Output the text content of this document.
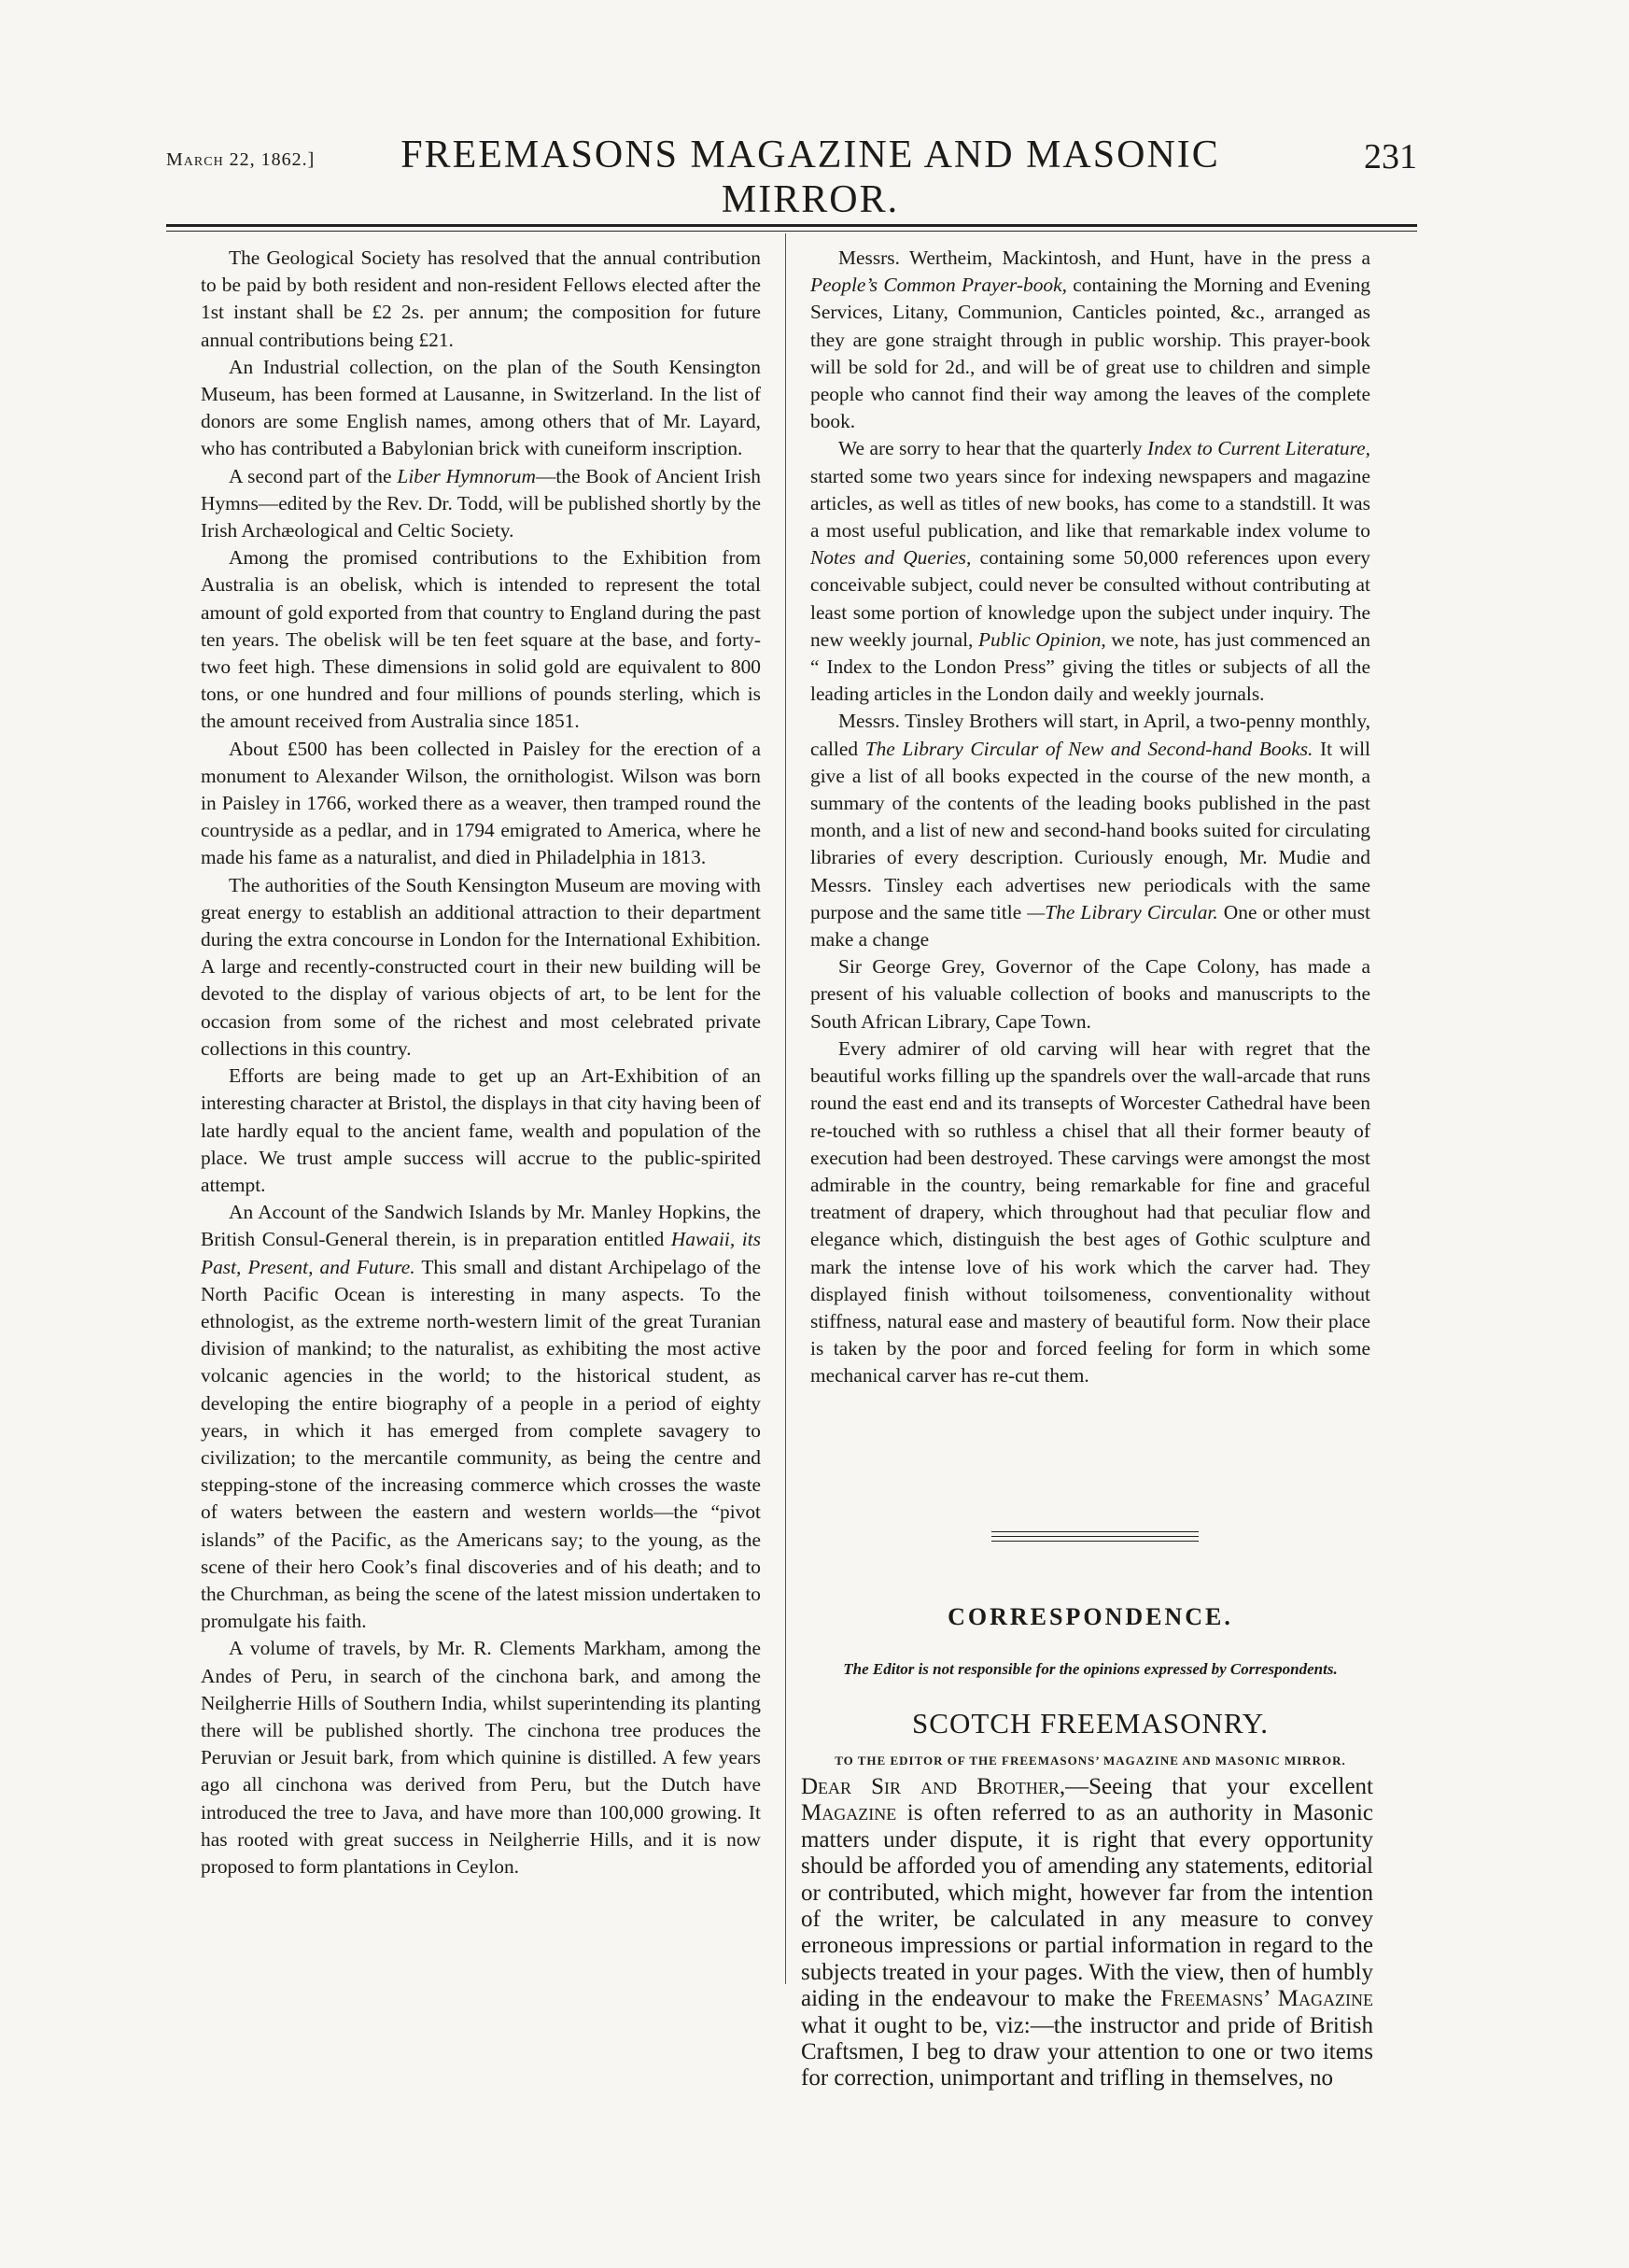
March 22, 1862.]	FREEMASONS MAGAZINE AND MASONIC MIRROR.
231

The Geological Society has resolved that the annual contribution to be paid by both resident and non-resident Fellows elected after the 1st instant shall be £2 2s. per annum; the composition for future annual contributions being £21.

An Industrial collection, on the plan of the South Kensington Museum, has been formed at Lausanne, in Switzerland. In the list of donors are some English names, among others that of Mr. Layard, who has contributed a Babylonian brick with cuneiform inscription.

A second part of the Liber Hymnorum—the Book of Ancient Irish Hymns—edited by the Rev. Dr. Todd, will be published shortly by the Irish Archæological and Celtic Society.

Among the promised contributions to the Exhibition from Australia is an obelisk, which is intended to represent the total amount of gold exported from that country to England during the past ten years. The obelisk will be ten feet square at the base, and forty-two feet high. These dimensions in solid gold are equivalent to 800 tons, or one hundred and four millions of pounds sterling, which is the amount received from Australia since 1851.

About £500 has been collected in Paisley for the erection of a monument to Alexander Wilson, the ornithologist. Wilson was born in Paisley in 1766, worked there as a weaver, then tramped round the countryside as a pedlar, and in 1794 emigrated to America, where he made his fame as a naturalist, and died in Philadelphia in 1813.

The authorities of the South Kensington Museum are moving with great energy to establish an additional attraction to their department during the extra concourse in London for the International Exhibition. A large and recently-constructed court in their new building will be devoted to the display of various objects of art, to be lent for the occasion from some of the richest and most celebrated private collections in this country.

Efforts are being made to get up an Art-Exhibition of an interesting character at Bristol, the displays in that city having been of late hardly equal to the ancient fame, wealth and population of the place. We trust ample success will accrue to the public-spirited attempt.

An Account of the Sandwich Islands by Mr. Manley Hopkins, the British Consul-General therein, is in preparation entitled Hawaii, its Past, Present, and Future. This small and distant Archipelago of the North Pacific Ocean is interesting in many aspects. To the ethnologist, as the extreme north-western limit of the great Turanian division of mankind; to the naturalist, as exhibiting the most active volcanic agencies in the world; to the historical student, as developing the entire biography of a people in a period of eighty years, in which it has emerged from complete savagery to civilization; to the mercantile community, as being the centre and stepping-stone of the increasing commerce which crosses the waste of waters between the eastern and western worlds—the “pivot islands” of the Pacific, as the Americans say; to the young, as the scene of their hero Cook’s final discoveries and of his death; and to the Churchman, as being the scene of the latest mission undertaken to promulgate his faith.

A volume of travels, by Mr. R. Clements Markham, among the Andes of Peru, in search of the cinchona bark, and among the Neilgherrie Hills of Southern India, whilst superintending its planting there will be published shortly. The cinchona tree produces the Peruvian or Jesuit bark, from which quinine is distilled. A few years ago all cinchona was derived from Peru, but the Dutch have introduced the tree to Java, and have more than 100,000 growing. It has rooted with great success in Neilgherrie Hills, and it is now proposed to form plantations in Ceylon.

Messrs. Wertheim, Mackintosh, and Hunt, have in the press a People’s Common Prayer-book, containing the Morning and Evening Services, Litany, Communion, Canticles pointed, &c., arranged as they are gone straight through in public worship. This prayer-book will be sold for 2d., and will be of great use to children and simple people who cannot find their way among the leaves of the complete book.

We are sorry to hear that the quarterly Index to Current Literature, started some two years since for indexing newspapers and magazine articles, as well as titles of new books, has come to a standstill. It was a most useful publication, and like that remarkable index volume to Notes and Queries, containing some 50,000 references upon every conceivable subject, could never be consulted without contributing at least some portion of knowledge upon the subject under inquiry. The new weekly journal, Public Opinion, we note, has just commenced an “ Index to the London Press” giving the titles or subjects of all the leading articles in the London daily and weekly journals.

Messrs. Tinsley Brothers will start, in April, a two-penny monthly, called The Library Circular of New and Second-hand Books. It will give a list of all books expected in the course of the new month, a summary of the contents of the leading books published in the past month, and a list of new and second-hand books suited for circulating libraries of every description. Curiously enough, Mr. Mudie and Messrs. Tinsley each advertises new periodicals with the same purpose and the same title —The Library Circular. One or other must make a change

Sir George Grey, Governor of the Cape Colony, has made a present of his valuable collection of books and manuscripts to the South African Library, Cape Town.

Every admirer of old carving will hear with regret that the beautiful works filling up the spandrels over the wall-arcade that runs round the east end and its transepts of Worcester Cathedral have been re-touched with so ruthless a chisel that all their former beauty of execution had been destroyed. These carvings were amongst the most admirable in the country, being remarkable for fine and graceful treatment of drapery, which throughout had that peculiar flow and elegance which, distinguish the best ages of Gothic sculpture and mark the intense love of his work which the carver had. They displayed finish without toilsomeness, conventionality without stiffness, natural ease and mastery of beautiful form. Now their place is taken by the poor and forced feeling for form in which some mechanical carver has re-cut them.

CORRESPONDENCE.
The Editor is not responsible for the opinions expressed by Correspondents.
SCOTCH FREEMASONRY.
TO THE EDITOR OF THE FREEMASONS’ MAGAZINE AND MASONIC MIRROR.

Dear Sir and Brother,—Seeing that your excellent Magazine is often referred to as an authority in Masonic matters under dispute, it is right that every opportunity should be afforded you of amending any statements, editorial or contributed, which might, however far from the intention of the writer, be calculated in any measure to convey erroneous impressions or partial information in regard to the subjects treated in your pages. With the view, then of humbly aiding in the endeavour to make the Freemasns’ Magazine what it ought to be, viz:—the instructor and pride of British Craftsmen, I beg to draw your attention to one or two items for correction, unimportant and trifling in themselves, no
